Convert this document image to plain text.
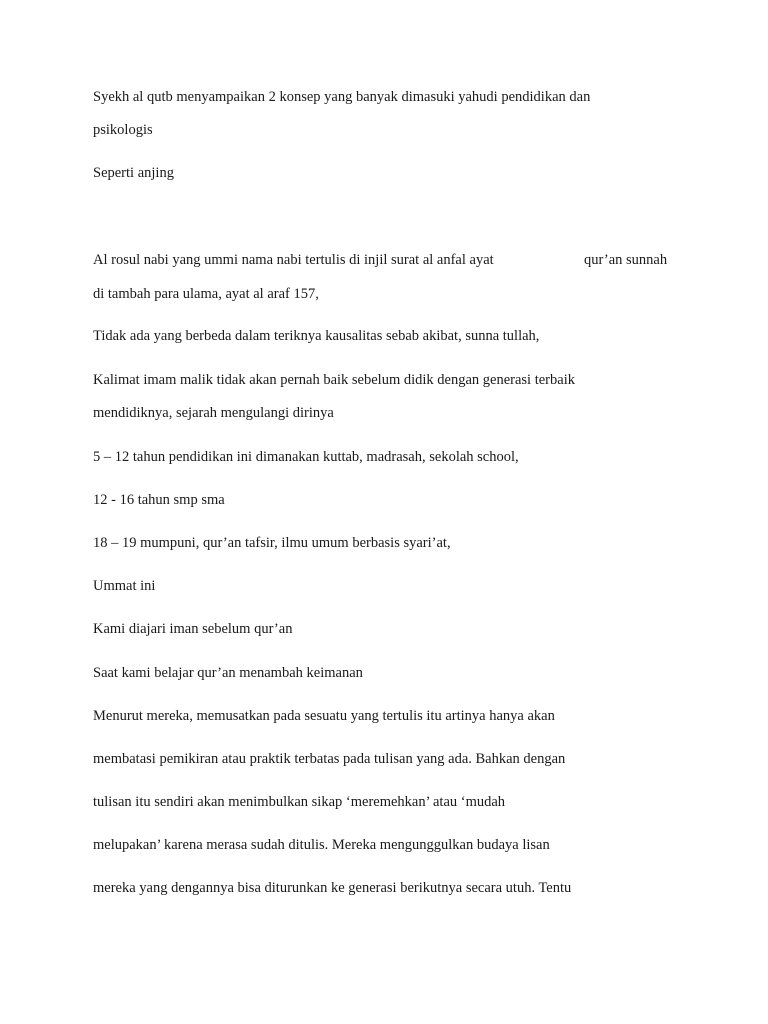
Syekh al qutb menyampaikan 2 konsep yang banyak dimasuki yahudi pendidikan dan

psikologis

Seperti anjing

Al rosul nabi yang ummi nama nabi tertulis di injil surat al anfal ayat	qur’an sunnah

di tambah para ulama, ayat al araf 157,

Tidak ada yang berbeda dalam teriknya kausalitas sebab akibat, sunna tullah,

Kalimat imam malik tidak akan pernah baik sebelum didik dengan generasi terbaik

mendidiknya, sejarah mengulangi dirinya

5 – 12 tahun pendidikan ini dimanakan kuttab, madrasah, sekolah school,

12 - 16 tahun smp sma

18 – 19 mumpuni, qur’an tafsir, ilmu umum berbasis syari’at,

Ummat ini

Kami diajari iman sebelum qur’an

Saat kami belajar qur’an menambah keimanan

Menurut mereka, memusatkan pada sesuatu yang tertulis itu artinya hanya akan

membatasi pemikiran atau praktik terbatas pada tulisan yang ada. Bahkan dengan

tulisan itu sendiri akan menimbulkan sikap ‘meremehkan’ atau ‘mudah

melupakan’ karena merasa sudah ditulis. Mereka mengunggulkan budaya lisan

mereka yang dengannya bisa diturunkan ke generasi berikutnya secara utuh. Tentu
